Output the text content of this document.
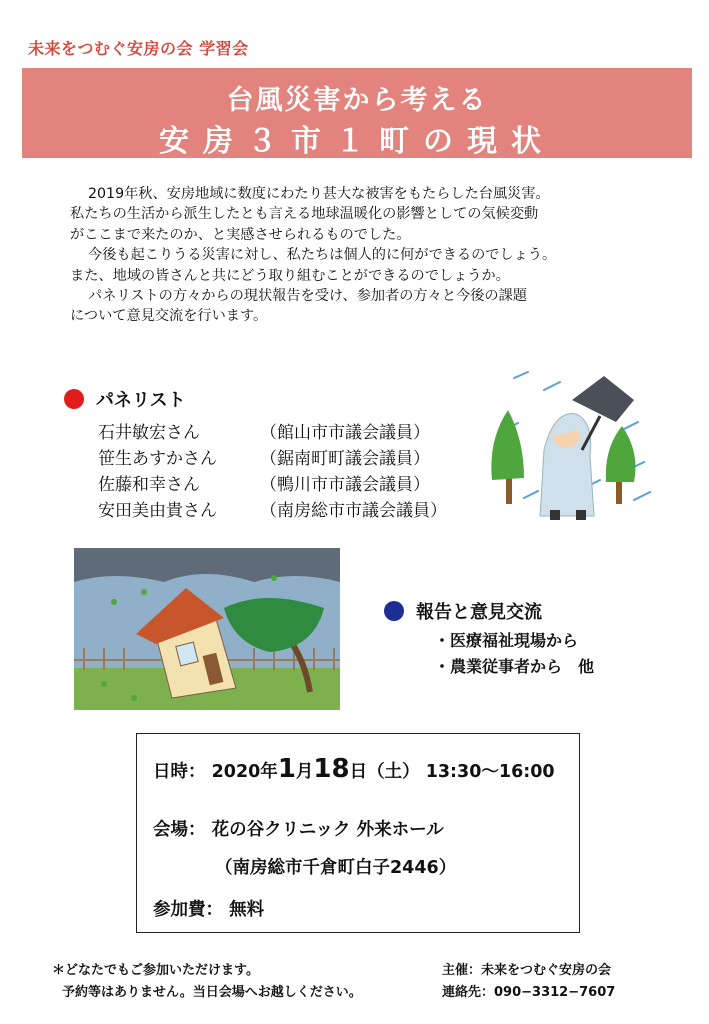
未来をつむぐ安房の会 学習会
台風災害から考える
安房３市１町の現状

2019年秋、安房地域に数度にわたり甚大な被害をもたらした台風災害。

私たちの生活から派生したとも言える地球温暖化の影響としての気候変動

がここまで来たのか、と実感させられるものでした。

今後も起こりうる災害に対し、私たちは個人的に何ができるのでしょう。

また、地域の皆さんと共にどう取り組むことができるのでしょうか。

パネリストの方々からの現状報告を受け、参加者の方々と今後の課題

について意見交流を行います。

パネリスト
石井敏宏さん	（館山市市議会議員）
笹生あすかさん	（鋸南町町議会議員）
佐藤和幸さん	（鴨川市市議会議員）
安田美由貴さん	（南房総市市議会議員）
報告と意見交流
・医療福祉現場から
・農業従事者から　他
日時： 2020年1月18日（土） 13:30～16:00
会場： 花の谷クリニック 外来ホール
（南房総市千倉町白子2446）
参加費： 無料
＊どなたでもご参加いただけます。
予約等はありません。当日会場へお越しください。
主催：未来をつむぐ安房の会
連絡先：090−3312−7607
